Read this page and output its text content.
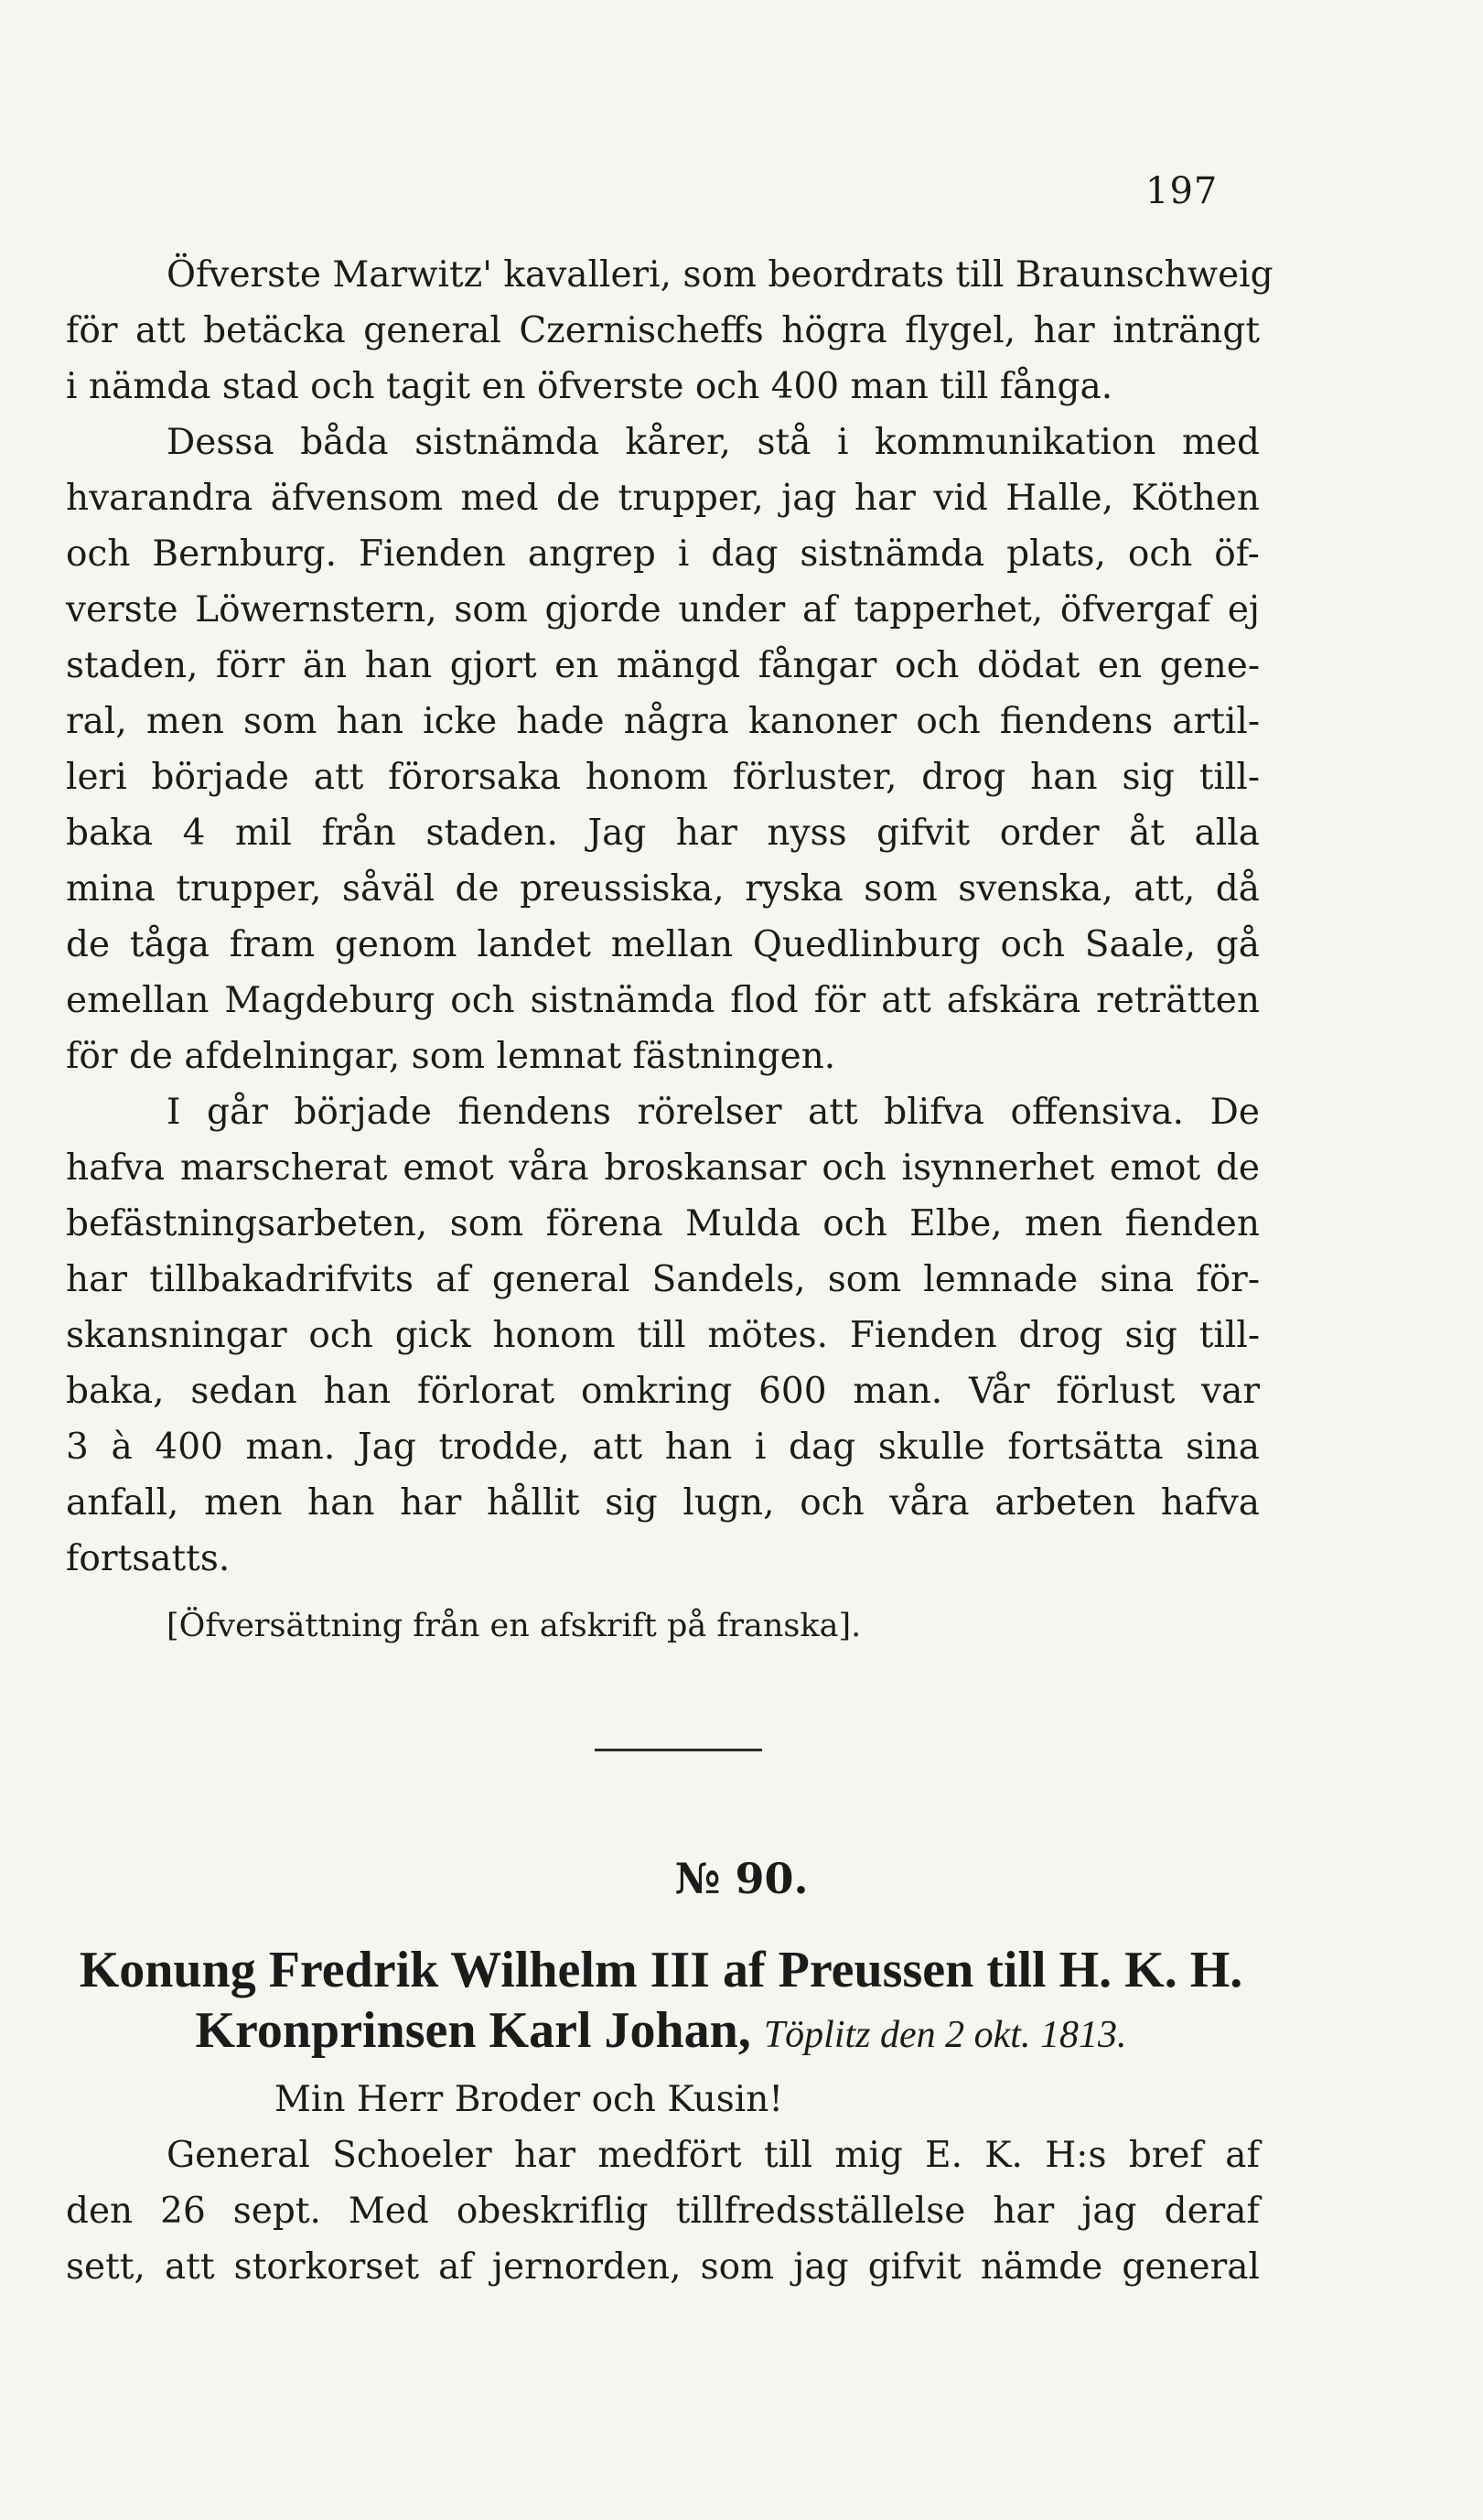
197
Öfverste Marwitz' kavalleri, som beordrats till Braunschweig
för att betäcka general Czernischeffs högra flygel, har inträngt
i nämda stad och tagit en öfverste och 400 man till fånga.
Dessa båda sistnämda kårer, stå i kommunikation med
hvarandra äfvensom med de trupper, jag har vid Halle, Köthen
och Bernburg. Fienden angrep i dag sistnämda plats, och öf-
verste Löwernstern, som gjorde under af tapperhet, öfvergaf ej
staden, förr än han gjort en mängd fångar och dödat en gene-
ral, men som han icke hade några kanoner och fiendens artil-
leri började att förorsaka honom förluster, drog han sig till-
baka 4 mil från staden. Jag har nyss gifvit order åt alla
mina trupper, såväl de preussiska, ryska som svenska, att, då
de tåga fram genom landet mellan Quedlinburg och Saale, gå
emellan Magdeburg och sistnämda flod för att afskära reträtten
för de afdelningar, som lemnat fästningen.
I går började fiendens rörelser att blifva offensiva. De
hafva marscherat emot våra broskansar och isynnerhet emot de
befästningsarbeten, som förena Mulda och Elbe, men fienden
har tillbakadrifvits af general Sandels, som lemnade sina för-
skansningar och gick honom till mötes. Fienden drog sig till-
baka, sedan han förlorat omkring 600 man. Vår förlust var
3 à 400 man. Jag trodde, att han i dag skulle fortsätta sina
anfall, men han har hållit sig lugn, och våra arbeten hafva
fortsatts.
[Öfversättning från en afskrift på franska].
№ 90.
Konung Fredrik Wilhelm III af Preussen till H. K. H.
Kronprinsen Karl Johan, Töplitz den 2 okt. 1813.
Min Herr Broder och Kusin!
General Schoeler har medfört till mig E. K. H:s bref af
den 26 sept. Med obeskriflig tillfredsställelse har jag deraf
sett, att storkorset af jernorden, som jag gifvit nämde general
